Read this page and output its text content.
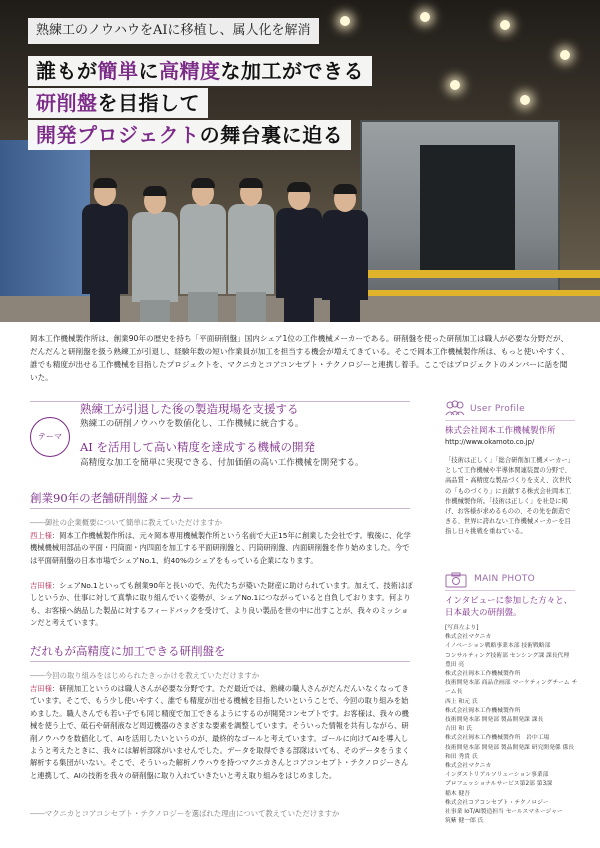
熟練工のノウハウをAIに移植し、属人化を解消
誰もが簡単に高精度な加工ができる
研削盤を目指して
開発プロジェクトの舞台裏に迫る
岡本工作機械製作所は、創業90年の歴史を持ち「平面研削盤」国内シェア1位の工作機械メーカーである。研削盤を使った研削加工は職人が必要な分野だが、だんだんと研削盤を扱う熟練工が引退し、経験年数の短い作業員が加工を担当する機会が増えてきている。そこで岡本工作機械製作所は、もっと使いやすく、誰でも精度が出せる工作機械を目指したプロジェクトを、マクニカとコアコンセプト・テクノロジーと連携し着手。ここではプロジェクトのメンバーに話を聞いた。
テーマ
熟練工が引退した後の製造現場を支援する
熟練工の研削ノウハウを数値化し、工作機械に統合する。
AI を活用して高い精度を達成する機械の開発
高精度な加工を簡単に実現できる、付加価値の高い工作機械を開発する。
創業90年の老舗研削盤メーカー
――御社の企業概要について簡単に教えていただけますか
西上様：岡本工作機械製作所は、元々岡本専用機械製作所という名前で大正15年に創業した会社です。戦後に、化学機械機械用部品の平面・円筒面・内四面を加工する平面研削盤と、円筒研削盤、内面研削盤を作り始めました。今では平面研削盤の日本市場でシェアNo.1、約40%のシェアをもっている企業になります。
吉田様：シェアNo.1といっても創業90年と長いので、先代たちが築いた財産に助けられています。加えて、技術はぽしというか、仕事に対して真摯に取り組んでいく姿勢が、シェアNo.1につながっていると自負しております。何よりも、お客様へ納品した製品に対するフィードバックを受けて、より良い製品を世の中に出すことが、我々のミッションだと考えています。
だれもが高精度に加工できる研削盤を
――今回の取り組みをはじめられたきっかけを教えていただけますか
吉田様：研削加工というのは職人さんが必要な分野です。ただ最近では、熟練の職人さんがだんだんいなくなってきています。そこで、もう少し使いやすく、誰でも精度が出せる機械を目指したいということで、今回の取り組みを始めました。職人さんでも若い子でも同じ精度で加工できるようにするのが開発コンセプトです。お客様は、我々の機械を使う上で、砥石や研削液など周辺機器のさまざまな要素を調整しています。そういった情報を共有しながら、研削ノウハウを数値化して、AIを活用したいというのが、最終的なゴールと考えています。ゴールに向けてAIを導入しようと考えたときに、我々には解析部隊がいませんでした。データを取得できる部隊はいても、そのデータをうまく解析する集団がいない。そこで、そういった解析ノウハウを持つマクニカさんとコアコンセプト・テクノロジーさんと連携して、AIの技術を我々の研削盤に取り入れていきたいと考え取り組みをはじめました。
――マクニカとコアコンセプト・テクノロジーを選ばれた理由について教えていただけますか
User Profile
株式会社岡本工作機械製作所
http://www.okamoto.co.jp/
「技術は正しく」「総合研削加工機メーカー」として工作機械や半導体関連装置の分野で、高品質・高精度な製品づくりを支え、次世代の「ものづくり」に貢献する株式会社岡本工作機械製作所。「技術は正しく」を社是に掲げ、お客様が求めるものの、その先を創造できる、世界に誇れない工作機械メーカーを目指し日々挑戦を重ねている。
MAIN PHOTO
インタビューに参加した方々と、
日本最大の研削盤。
[写真左より]
株式会社マクニカ
イノベーション戦略事業本部 技術戦略部
コンサルティング技術部 センシング課 課長代理
豊田 亮
株式会社岡本工作機械製作所
技術開発本部 商品企画部 マーケティングチーム チーム長
西上 和元 氏
株式会社岡本工作機械製作所
技術開発本部 開発部 製品開発課 課長
吉田 和 氏
株式会社岡本工作機械製作所　岩中工場
技術開発本部 開発部 製品開発課 研究開発係 係長
和田 秀貴 氏
株式会社マクニカ
インダストリアルソリューション事業部
プロフェッショナルサービス第2部 第3課
稲木 健吾
株式会社コアコンセプト・テクノロジー
社事業 IoT/AI製造担当 セールスマネージャー
筑紫 健一郎 氏
